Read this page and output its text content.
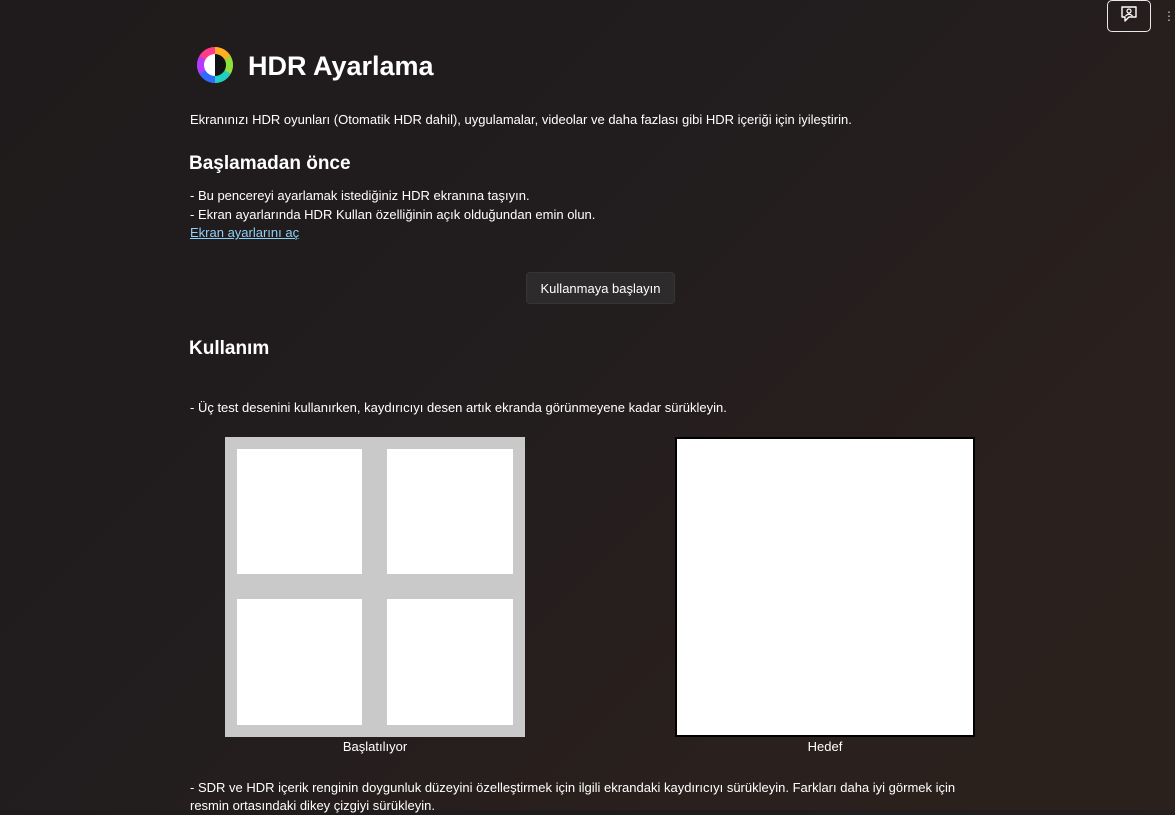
⋮
HDR Ayarlama
Ekranınızı HDR oyunları (Otomatik HDR dahil), uygulamalar, videolar ve daha fazlası gibi HDR içeriği için iyileştirin.
Başlamadan önce
- Bu pencereyi ayarlamak istediğiniz HDR ekranına taşıyın.
- Ekran ayarlarında HDR Kullan özelliğinin açık olduğundan emin olun.
Ekran ayarlarını aç
Kullanmaya başlayın
Kullanım
- Üç test desenini kullanırken, kaydırıcıyı desen artık ekranda görünmeyene kadar sürükleyin.
Başlatılıyor	Hedef
- SDR ve HDR içerik renginin doygunluk düzeyini özelleştirmek için ilgili ekrandaki kaydırıcıyı sürükleyin. Farkları daha iyi görmek için
resmin ortasındaki dikey çizgiyi sürükleyin.
